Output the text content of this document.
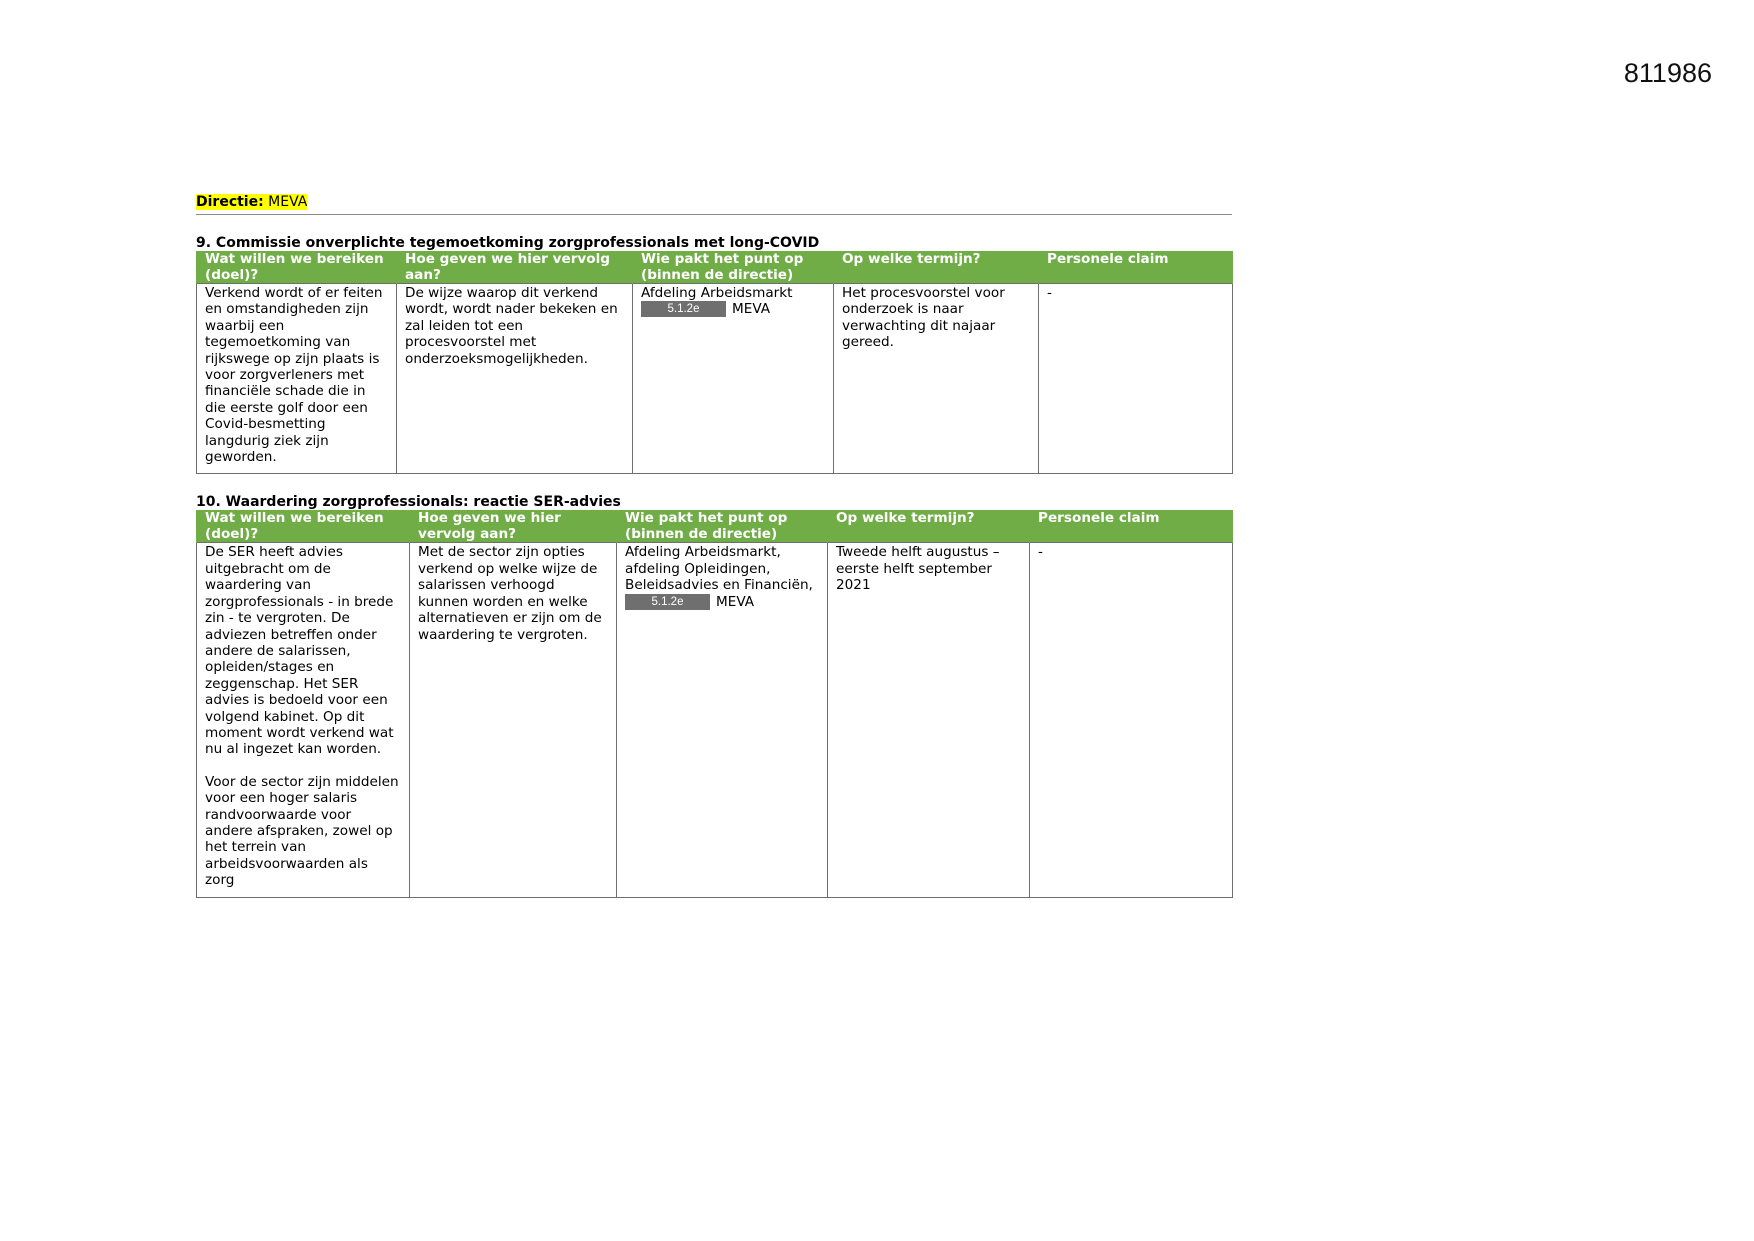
811986
Directie: MEVA

9. Commissie onverplichte tegemoetkoming zorgprofessionals met long-COVID

Wat willen we bereiken (doel)?	Hoe geven we hier vervolg aan?	Wie pakt het punt op (binnen de directie)	Op welke termijn?	Personele claim
Verkend wordt of er feiten en omstandigheden zijn waarbij een tegemoetkoming van rijkswege op zijn plaats is voor zorgverleners met financiële schade die in die eerste golf door een Covid-besmetting langdurig ziek zijn geworden.	De wijze waarop dit verkend wordt, wordt nader bekeken en zal leiden tot een procesvoorstel met onderzoeksmogelijkheden.	Afdeling Arbeidsmarkt
5.1.2e MEVA	Het procesvoorstel voor onderzoek is naar verwachting dit najaar gereed.	-

10. Waardering zorgprofessionals: reactie SER-advies

Wat willen we bereiken (doel)?	Hoe geven we hier vervolg aan?	Wie pakt het punt op (binnen de directie)	Op welke termijn?	Personele claim
De SER heeft advies uitgebracht om de waardering van zorgprofessionals - in brede zin - te vergroten. De adviezen betreffen onder andere de salarissen, opleiden/stages en zeggenschap. Het SER advies is bedoeld voor een volgend kabinet. Op dit moment wordt verkend wat nu al ingezet kan worden.
Voor de sector zijn middelen voor een hoger salaris randvoorwaarde voor andere afspraken, zowel op het terrein van arbeidsvoorwaarden als zorg	Met de sector zijn opties verkend op welke wijze de salarissen verhoogd kunnen worden en welke alternatieven er zijn om de waardering te vergroten.	Afdeling Arbeidsmarkt, afdeling Opleidingen, Beleidsadvies en Financiën,
5.1.2e MEVA	Tweede helft augustus – eerste helft september 2021	-
